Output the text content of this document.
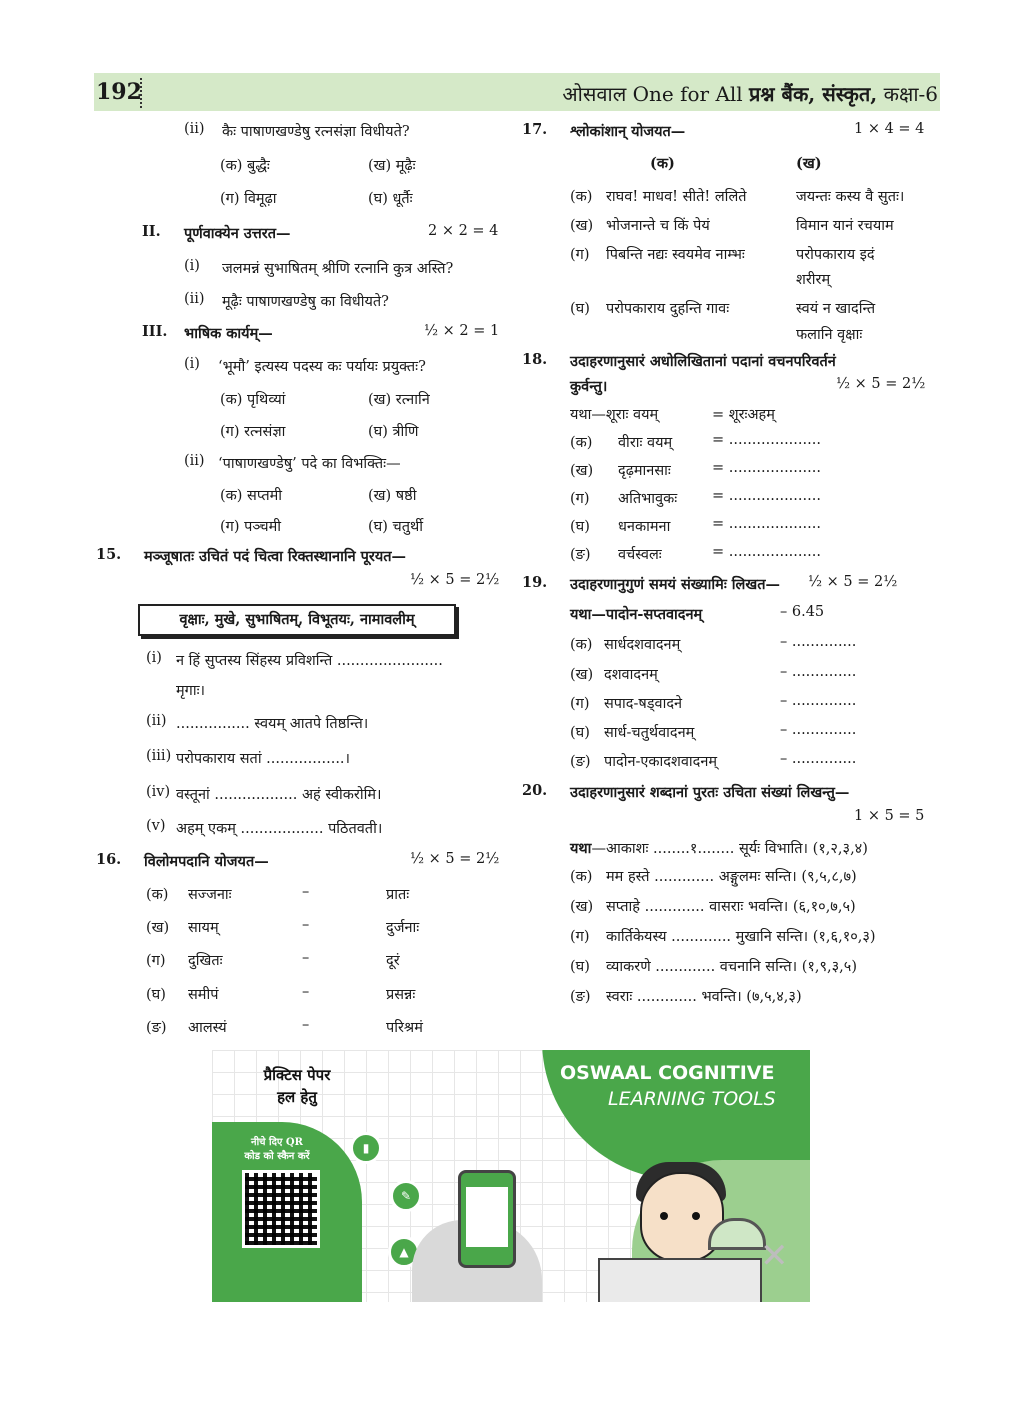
192	ओसवाल One for All प्रश्न बैंक, संस्कृत, कक्षा-6
(ii) कैः पाषाणखण्डेषु रत्नसंज्ञा विधीयते?
(क) बुद्धैः	(ख) मूढ़ैः
(ग) विमूढ़ा	(घ) धूर्तैः
II. पूर्णवाक्येन उत्तरत—	2 × 2 = 4
(i) जलमन्नं सुभाषितम् श्रीणि रत्नानि कुत्र अस्ति?
(ii) मूढ़ैः पाषाणखण्डेषु का विधीयते?
III. भाषिक कार्यम्—	½ × 2 = 1
(i) ‘भूमौ’ इत्यस्य पदस्य कः पर्यायः प्रयुक्तः?
(क) पृथिव्यां	(ख) रत्नानि
(ग) रत्नसंज्ञा	(घ) त्रीणि
(ii) ‘पाषाणखण्डेषु’ पदे का विभक्तिः—
(क) सप्तमी	(ख) षष्ठी
(ग) पञ्चमी	(घ) चतुर्थी
15. मञ्जूषातः उचितं पदं चित्वा रिक्तस्थानानि पूरयत—
½ × 5 = 2½
वृक्षाः, मुखे, सुभाषितम्, विभूतयः, नामावलीम्
(i) न हिं सुप्तस्य सिंहस्य प्रविशन्ति .......................
मृगाः।
(ii) ................ स्वयम् आतपे तिष्ठन्ति।
(iii) परोपकाराय सतां .................।
(iv) वस्तूनां .................. अहं स्वीकरोमि।
(v) अहम् एकम् .................. पठितवती।
16. विलोमपदानि योजयत—	½ × 5 = 2½
(क) सज्जनाः	–	प्रातः
(ख) सायम्	–	दुर्जनाः
(ग) दुखितः	–	दूरं
(घ) समीपं	–	प्रसन्नः
(ङ) आलस्यं	–	परिश्रमं
17. श्लोकांशान् योजयत—	1 × 4 = 4
(क)	(ख)
(क) राघव! माधव! सीते! ललिते	जयन्तः कस्य वै सुतः।
(ख) भोजनान्ते च किं पेयं	विमान यानं रचयाम
(ग) पिबन्ति नद्यः स्वयमेव नाम्भः	परोपकाराय इदं
शरीरम्
(घ) परोपकाराय दुहन्ति गावः	स्वयं न खादन्ति
फलानि वृक्षाः
18. उदाहरणानुसारं अधोलिखितानां पदानां वचनपरिवर्तनं
कुर्वन्तु।	½ × 5 = 2½
यथा—शूराः वयम्	= शूरःअहम्
(क) वीराः वयम्	= ....................
(ख) दृढ़मानसाः	= ....................
(ग) अतिभावुकः = ....................
(घ) धनकामना	= ....................
(ङ) वर्चस्वलः	= ....................
19. उदाहरणानुगुणं समयं संख्यामिः लिखत— ½ × 5 = 2½
यथा—पादोन-सप्तवादनम्	– 6.45
(क) सार्धदशवादनम्	– ..............
(ख) दशवादनम्	– ..............
(ग) सपाद-षड्वादने	– ..............
(घ) सार्ध-चतुर्थवादनम्	– ..............
(ङ) पादोन-एकादशवादनम्	– ..............
20. उदाहरणानुसारं शब्दानां पुरतः उचिता संख्यां लिखन्तु—
1 × 5 = 5
यथा—आकाशः ........१........ सूर्यः विभाति। (१,२,३,४)
(क) मम हस्ते ............. अङ्गुलमः सन्ति। (९,५,८,७)
(ख) सप्ताहे ............. वासराः भवन्ति। (६,१०,७,५)
(ग) कार्तिकेयस्य ............. मुखानि सन्ति। (१,६,१०,३)
(घ) व्याकरणे ............. वचनानि सन्ति। (१,९,३,५)
(ङ) स्वराः ............. भवन्ति। (७,५,४,३)
प्रैक्टिस पेपर
हल हेतु
नीचे दिए QR
कोड को स्कैन करें
OSWAAL COGNITIVE
LEARNING TOOLS
▮
✎
▲	✕
